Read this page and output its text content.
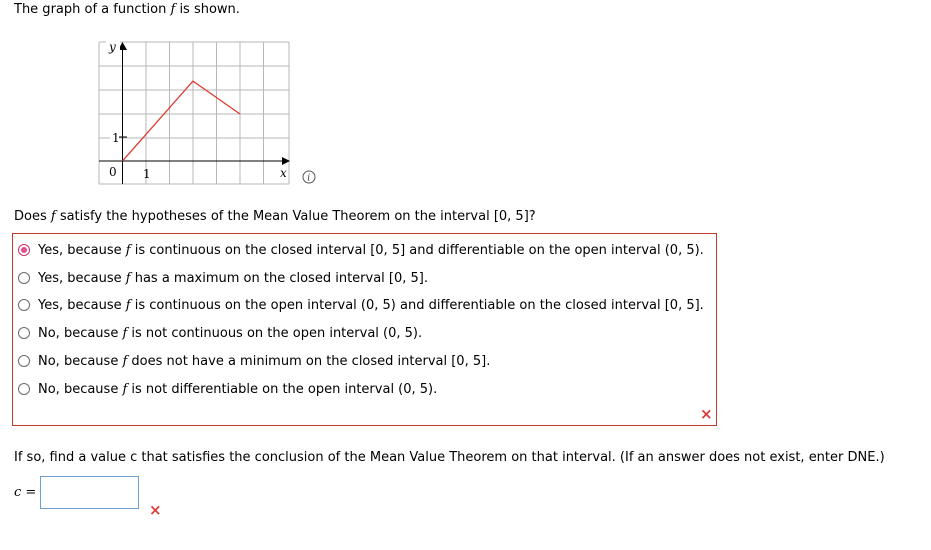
The graph of a function f is shown.
y
1
0 1	x i
Does f satisfy the hypotheses of the Mean Value Theorem on the interval [0, 5]?
Yes, because f is continuous on the closed interval [0, 5] and differentiable on the open interval (0, 5).
Yes, because f has a maximum on the closed interval [0, 5].
Yes, because f is continuous on the open interval (0, 5) and differentiable on the closed interval [0, 5].
No, because f is not continuous on the open interval (0, 5).
No, because f does not have a minimum on the closed interval [0, 5].
No, because f is not differentiable on the open interval (0, 5).
×
If so, find a value c that satisfies the conclusion of the Mean Value Theorem on that interval. (If an answer does not exist, enter DNE.)
c =
×
